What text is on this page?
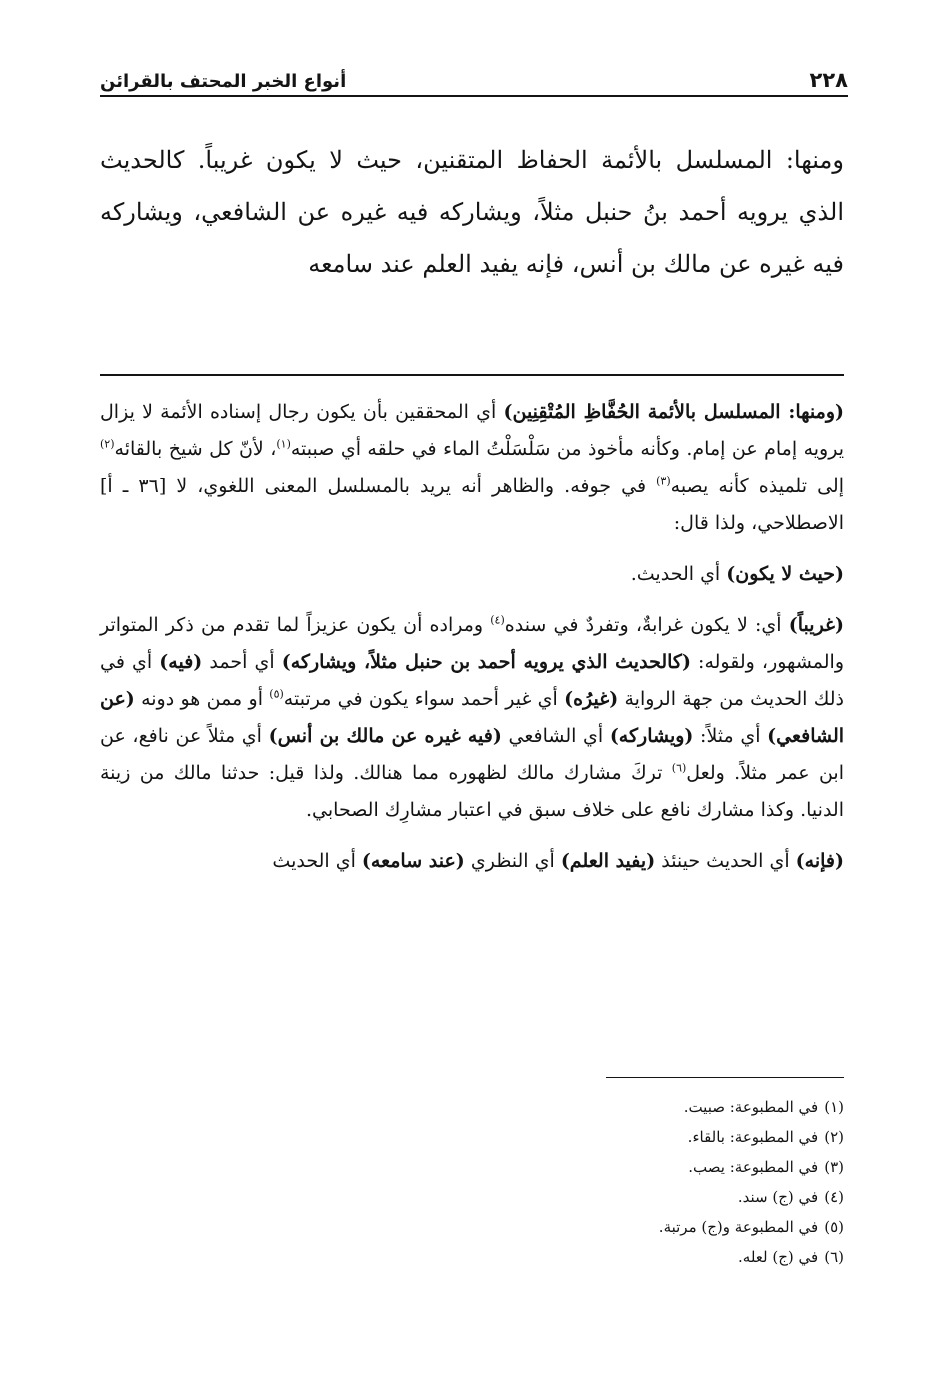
٢٢٨
أنواع الخبر المحتف بالقرائن

ومنها: المسلسل بالأئمة الحفاظ المتقنين، حيث لا يكون غريباً. كالحديث الذي يرويه أحمد بنُ حنبل مثلاً، ويشاركه فيه غيره عن الشافعي، ويشاركه فيه غيره عن مالك بن أنس، فإنه يفيد العلم عند سامعه

(ومنها: المسلسل بالأئمة الحُفَّاظِ المُتْقِنِين) أي المحققين بأن يكون رجال إسناده الأئمة لا يزال يرويه إمام عن إمام. وكأنه مأخوذ من سَلْسَلْتُ الماء في حلقه أي صببته$^{(١)}$، لأنّ كل شيخ بالقائه$^{(٢)}$ إلى تلميذه كأنه يصبه$^{(٣)}$ في جوفه. والظاهر أنه يريد بالمسلسل المعنى اللغوي، لا [٣٦ ـ أ] الاصطلاحي، ولذا قال:

(حيث لا يكون) أي الحديث.

(غريباً) أي: لا يكون غرابةٌ، وتفردٌ في سنده$^{(٤)}$ ومراده أن يكون عزيزاً لما تقدم من ذكر المتواتر والمشهور، ولقوله: (كالحديث الذي يرويه أحمد بن حنبل مثلاً، ويشاركه) أي أحمد (فيه) أي في ذلك الحديث من جهة الرواية (غيرُه) أي غير أحمد سواء يكون في مرتبته$^{(٥)}$ أو ممن هو دونه (عن الشافعي) أي مثلاً: (ويشاركه) أي الشافعي (فيه غيره عن مالك بن أنس) أي مثلاً عن نافع، عن ابن عمر مثلاً. ولعل$^{(٦)}$ تركَ مشارك مالك لظهوره مما هنالك. ولذا قيل: حدثنا مالك من زينة الدنيا. وكذا مشارك نافع على خلاف سبق في اعتبار مشارِك الصحابي.

(فإنه) أي الحديث حينئذ (يفيد العلم) أي النظري (عند سامعه) أي الحديث

(١)في المطبوعة: صبيت.
(٢)في المطبوعة: بالقاء.
(٣)في المطبوعة: يصب.
(٤)في (ج) سند.
(٥)في المطبوعة و(ج) مرتبة.
(٦)في (ج) لعله.
